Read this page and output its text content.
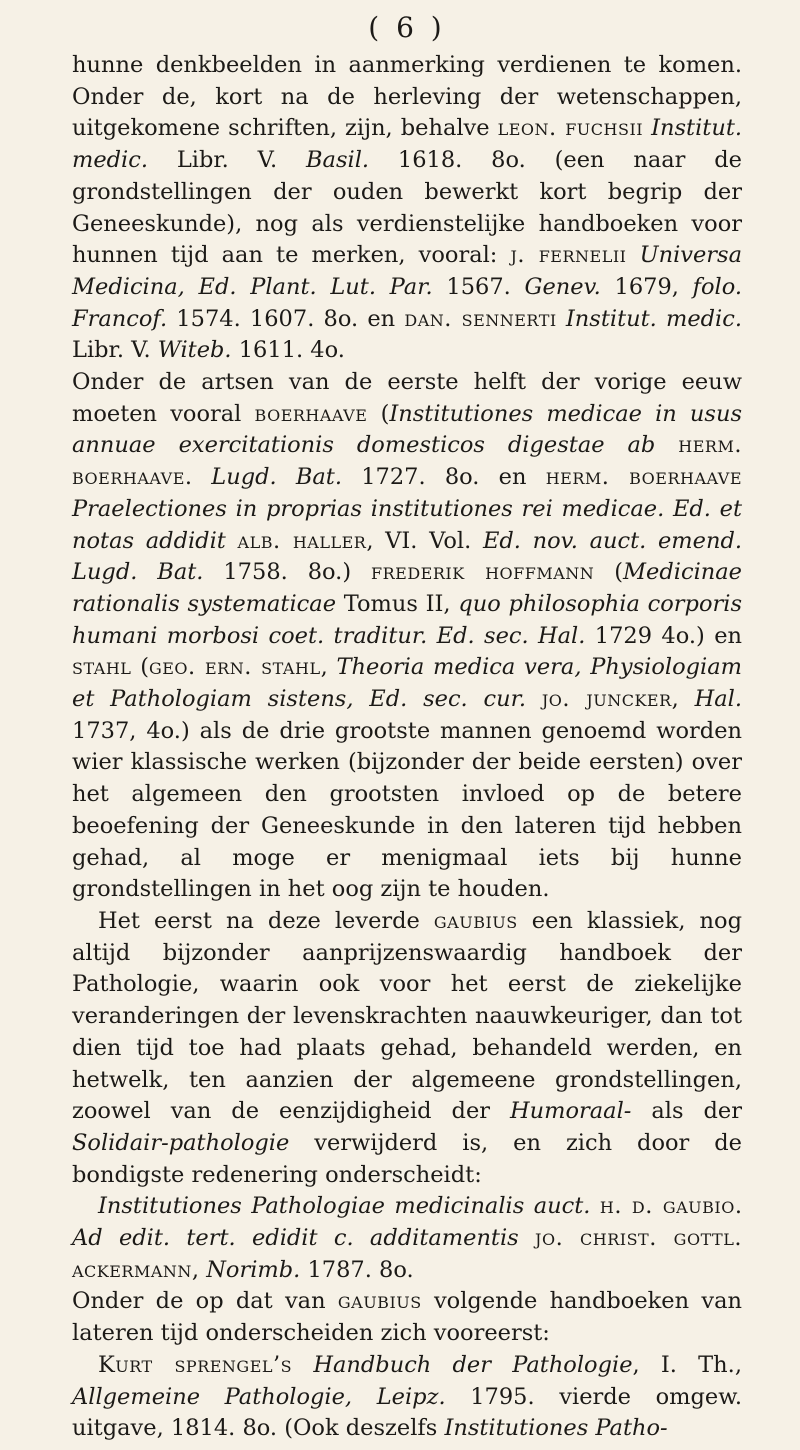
( 6 )

hunne denkbeelden in aanmerking verdienen te komen. Onder de, kort na de herleving der wetenschappen, uitgekomene schriften, zijn, behalve leon. fuchsii Institut. medic. Libr. V. Basil. 1618. 8o. (een naar de grondstellingen der ouden bewerkt kort begrip der Geneeskunde), nog als verdienstelijke handboeken voor hunnen tijd aan te merken, vooral: j. fernelii Universa Medicina, Ed. Plant. Lut. Par. 1567. Genev. 1679, folo. Francof. 1574. 1607. 8o. en dan. sennerti Institut. medic. Libr. V. Witeb. 1611. 4o.

Onder de artsen van de eerste helft der vorige eeuw moeten vooral boerhaave (Institutiones medicae in usus annuae exercitationis domesticos digestae ab herm. boerhaave. Lugd. Bat. 1727. 8o. en herm. boerhaave Praelectiones in proprias institutiones rei medicae. Ed. et notas addidit alb. haller, VI. Vol. Ed. nov. auct. emend. Lugd. Bat. 1758. 8o.) frederik hoffmann (Medicinae rationalis systematicae Tomus II, quo philosophia corporis humani morbosi coet. traditur. Ed. sec. Hal. 1729 4o.) en stahl (geo. ern. stahl, Theoria medica vera, Physiologiam et Pathologiam sistens, Ed. sec. cur. jo. juncker, Hal. 1737, 4o.) als de drie grootste mannen genoemd worden wier klassische werken (bijzonder der beide eersten) over het algemeen den grootsten invloed op de betere beoefening der Geneeskunde in den lateren tijd hebben gehad, al moge er menigmaal iets bij hunne grondstellingen in het oog zijn te houden.

Het eerst na deze leverde gaubius een klassiek, nog altijd bijzonder aanprijzenswaardig handboek der Pathologie, waarin ook voor het eerst de ziekelijke veranderingen der levenskrachten naauwkeuriger, dan tot dien tijd toe had plaats gehad, behandeld werden, en hetwelk, ten aanzien der algemeene grondstellingen, zoowel van de eenzijdigheid der Humoraal- als der Solidair-pathologie verwijderd is, en zich door de bondigste redenering onderscheidt:

Institutiones Pathologiae medicinalis auct. h. d. gaubio. Ad edit. tert. edidit c. additamentis jo. christ. gottl. ackermann, Norimb. 1787. 8o.

Onder de op dat van gaubius volgende handboeken van lateren tijd onderscheiden zich vooreerst:

Kurt sprengel’s Handbuch der Pathologie, I. Th., Allgemeine Pathologie, Leipz. 1795. vierde omgew. uitgave, 1814. 8o. (Ook deszelfs Institutiones Patho-
